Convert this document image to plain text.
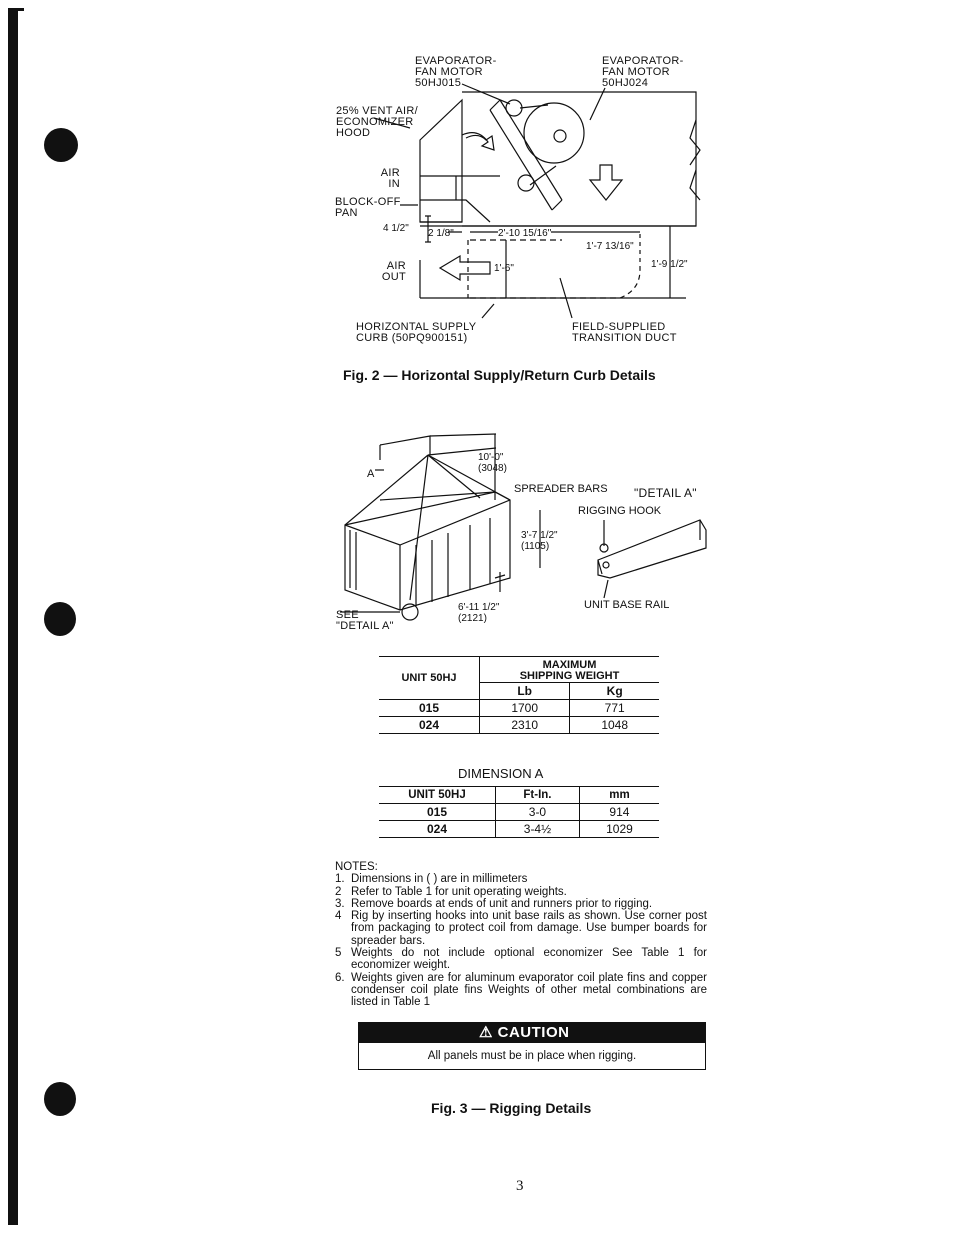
EVAPORATOR-
FAN MOTOR
50HJ015
EVAPORATOR-
FAN MOTOR
50HJ024
25% VENT AIR/
ECONOMIZER
HOOD
AIR
IN
BLOCK-OFF
PAN
AIR
OUT
HORIZONTAL SUPPLY
CURB (50PQ900151)
FIELD-SUPPLIED
TRANSITION DUCT
4 1/2" 2 1/8"	2'-10 15/16"
1'-7 13/16"
1'-9 1/2"
1'-6"
Fig. 2 — Horizontal Supply/Return Curb Details
A
10'-0"
(3048)
SPREADER BARS "DETAIL A"
RIGGING HOOK
3'-7 1/2"
(1105)
SEE
"DETAIL A"
6'-11 1/2"
(2121)
UNIT BASE RAIL
UNIT 50HJ	MAXIMUM
SHIPPING WEIGHT	
	Lb	Kg
015	1700	771
024	2310	1048
DIMENSION A
UNIT 50HJ	Ft-In.	mm
015	3-0	914
024	3-4½	1029
NOTES:
1. Dimensions in ( ) are in millimeters
2 Refer to Table 1 for unit operating weights.
3. Remove boards at ends of unit and runners prior to rigging.
4 Rig by inserting hooks into unit base rails as shown. Use corner post from packaging to protect coil from damage. Use bumper boards for spreader bars.
5 Weights do not include optional economizer See Table 1 for economizer weight.
6. Weights given are for aluminum evaporator coil plate fins and copper condenser coil plate fins Weights of other metal combinations are listed in Table 1
⚠ CAUTION
All panels must be in place when rigging.
Fig. 3 — Rigging Details
3
